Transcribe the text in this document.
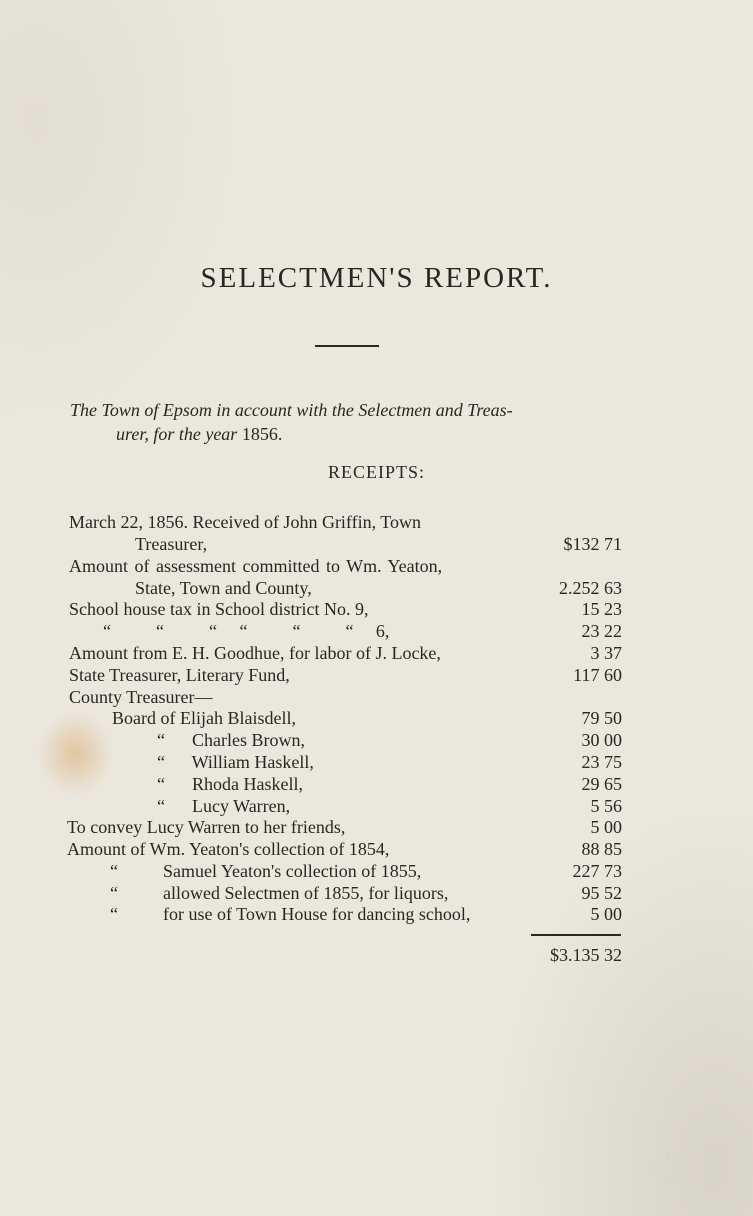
SELECTMEN'S REPORT.
The Town of Epsom in account with the Selectmen and Treas-
urer, for the year 1856.
RECEIPTS:
March 22, 1856. Received of John Griffin, Town
Treasurer,	$132 71
Amount of assessment committed to Wm. Yeaton,
State, Town and County,	2.252 63
School house tax in School district No. 9,	15 23
“          “          “     “          “          “     6,	23 22
Amount from E. H. Goodhue, for labor of J. Locke,	3 37
State Treasurer, Literary Fund,	117 60
County Treasurer—
Board of Elijah Blaisdell,	79 50
“      Charles Brown,	30 00
“      William Haskell,	23 75
“      Rhoda Haskell,	29 65
“      Lucy Warren,	5 56
To convey Lucy Warren to her friends,	5 00
Amount of Wm. Yeaton's collection of 1854,	88 85
“          Samuel Yeaton's collection of 1855,	227 73
“          allowed Selectmen of 1855, for liquors,	95 52
“          for use of Town House for dancing school,	5 00
$3.135 32
